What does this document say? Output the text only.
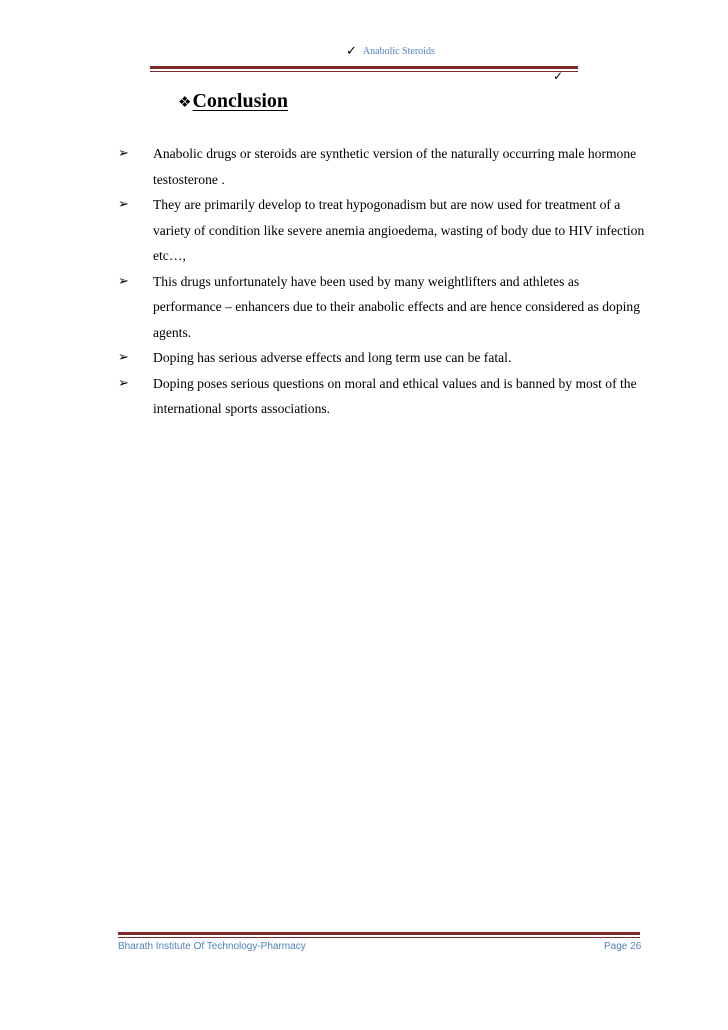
✓ Anabolic Steroids
✓
❖ Conclusion
➢ Anabolic drugs or steroids are synthetic version of the naturally occurring male hormone testosterone .
➢ They are primarily develop to treat hypogonadism but are now used for treatment of a variety of condition like severe anemia angioedema, wasting of body due to HIV infection etc…,
➢ This drugs unfortunately have been used by many weightlifters and athletes as performance – enhancers due to their anabolic effects and are hence considered as doping agents.
➢ Doping has serious adverse effects and long term use can be fatal.
➢ Doping poses serious questions on moral and ethical values and is banned by most of the international sports associations.
Bharath Institute Of Technology-Pharmacy	Page 26
